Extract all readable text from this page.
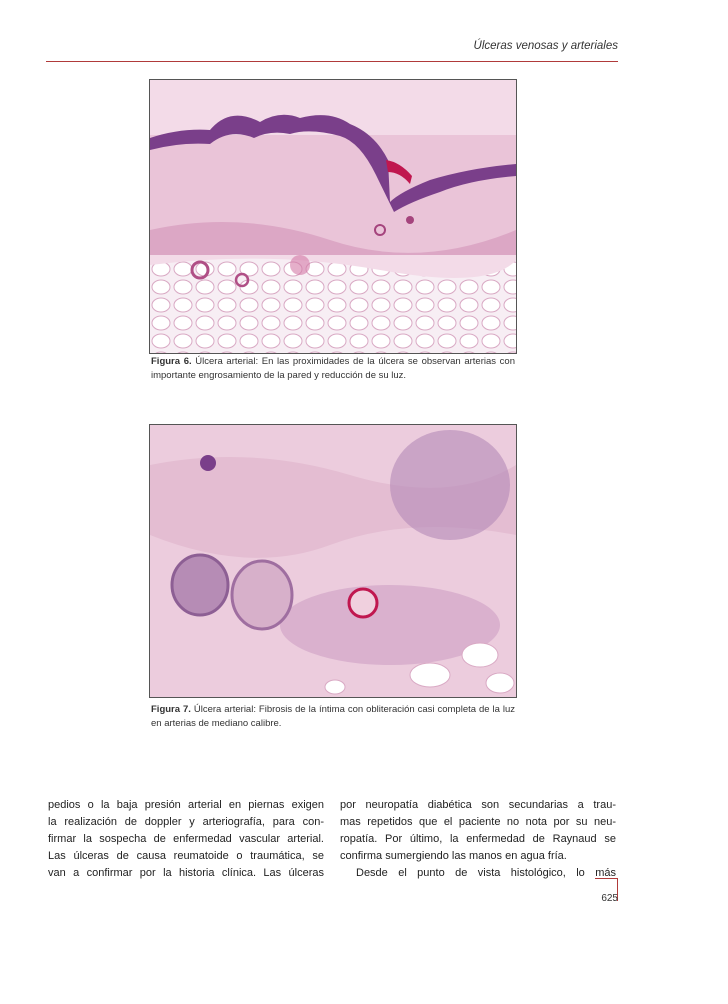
Úlceras venosas y arteriales
Figura 6. Úlcera arterial: En las proximidades de la úlcera se observan arterias con importante engrosamiento de la pared y reducción de su luz.
Figura 7. Úlcera arterial: Fibrosis de la íntima con obliteración casi completa de la luz en arterias de mediano calibre.
pedios o la baja presión arterial en piernas exigen
la realización de doppler y arteriografía, para con-
firmar la sospecha de enfermedad vascular arterial.
Las úlceras de causa reumatoide o traumática, se
van a confirmar por la historia clínica. Las úlceras
por neuropatía diabética son secundarias a trau-
mas repetidos que el paciente no nota por su neu-
ropatía. Por último, la enfermedad de Raynaud se
confirma sumergiendo las manos en agua fría.
Desde el punto de vista histológico, lo más
625
